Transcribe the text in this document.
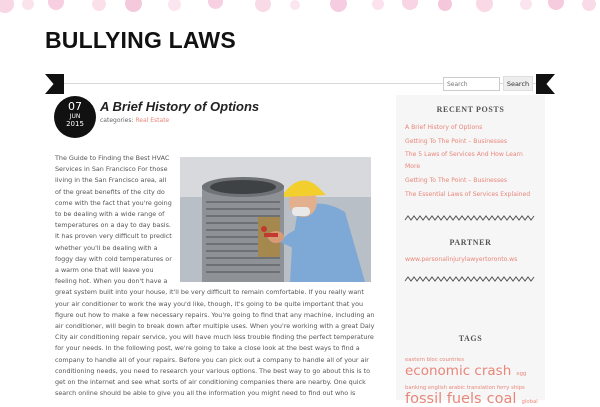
BULLYING LAWS
Search
Search
07
JUN
2015
A Brief History of Options
categories: Real Estate
The Guide to Finding the Best HVAC Services in San Francisco For those living in the San Francisco area, all of the great benefits of the city do come with the fact that you're going to be dealing with a wide range of temperatures on a day to day basis. It has proven very difficult to predict whether you'll be dealing with a foggy day with cold temperatures or a warm one that will leave you feeling hot. When you don't have a great system built into your house, it'll be very difficult to remain comfortable. If you really want your air conditioner to work the way you'd like, though, it's going to be quite important that you figure out how to make a few necessary repairs. You're going to find that any machine, including an air conditioner, will begin to break down after multiple uses. When you're working with a great Daly City air conditioning repair service, you will have much less trouble finding the perfect temperature for your needs. In the following post, we're going to take a close look at the best ways to find a company to handle all of your repairs. Before you can pick out a company to handle all of your air conditioning needs, you need to research your various options. The best way to go about this is to get on the internet and see what sorts of air conditioning companies there are nearby. One quick search online should be able to give you all the information you might need to find out who is
RECENT POSTS
A Brief History of Options
Getting To The Point – Businesses
The 5 Laws of Services And How Learn More
Getting To The Point – Businesses
The Essential Laws of Services Explained
PARTNER
www.personalinjurylawyertoronto.ws
TAGS
eastern bloc countries
economic crash egg
banking english arabic translation ferry ships
fossil fuels coal global
